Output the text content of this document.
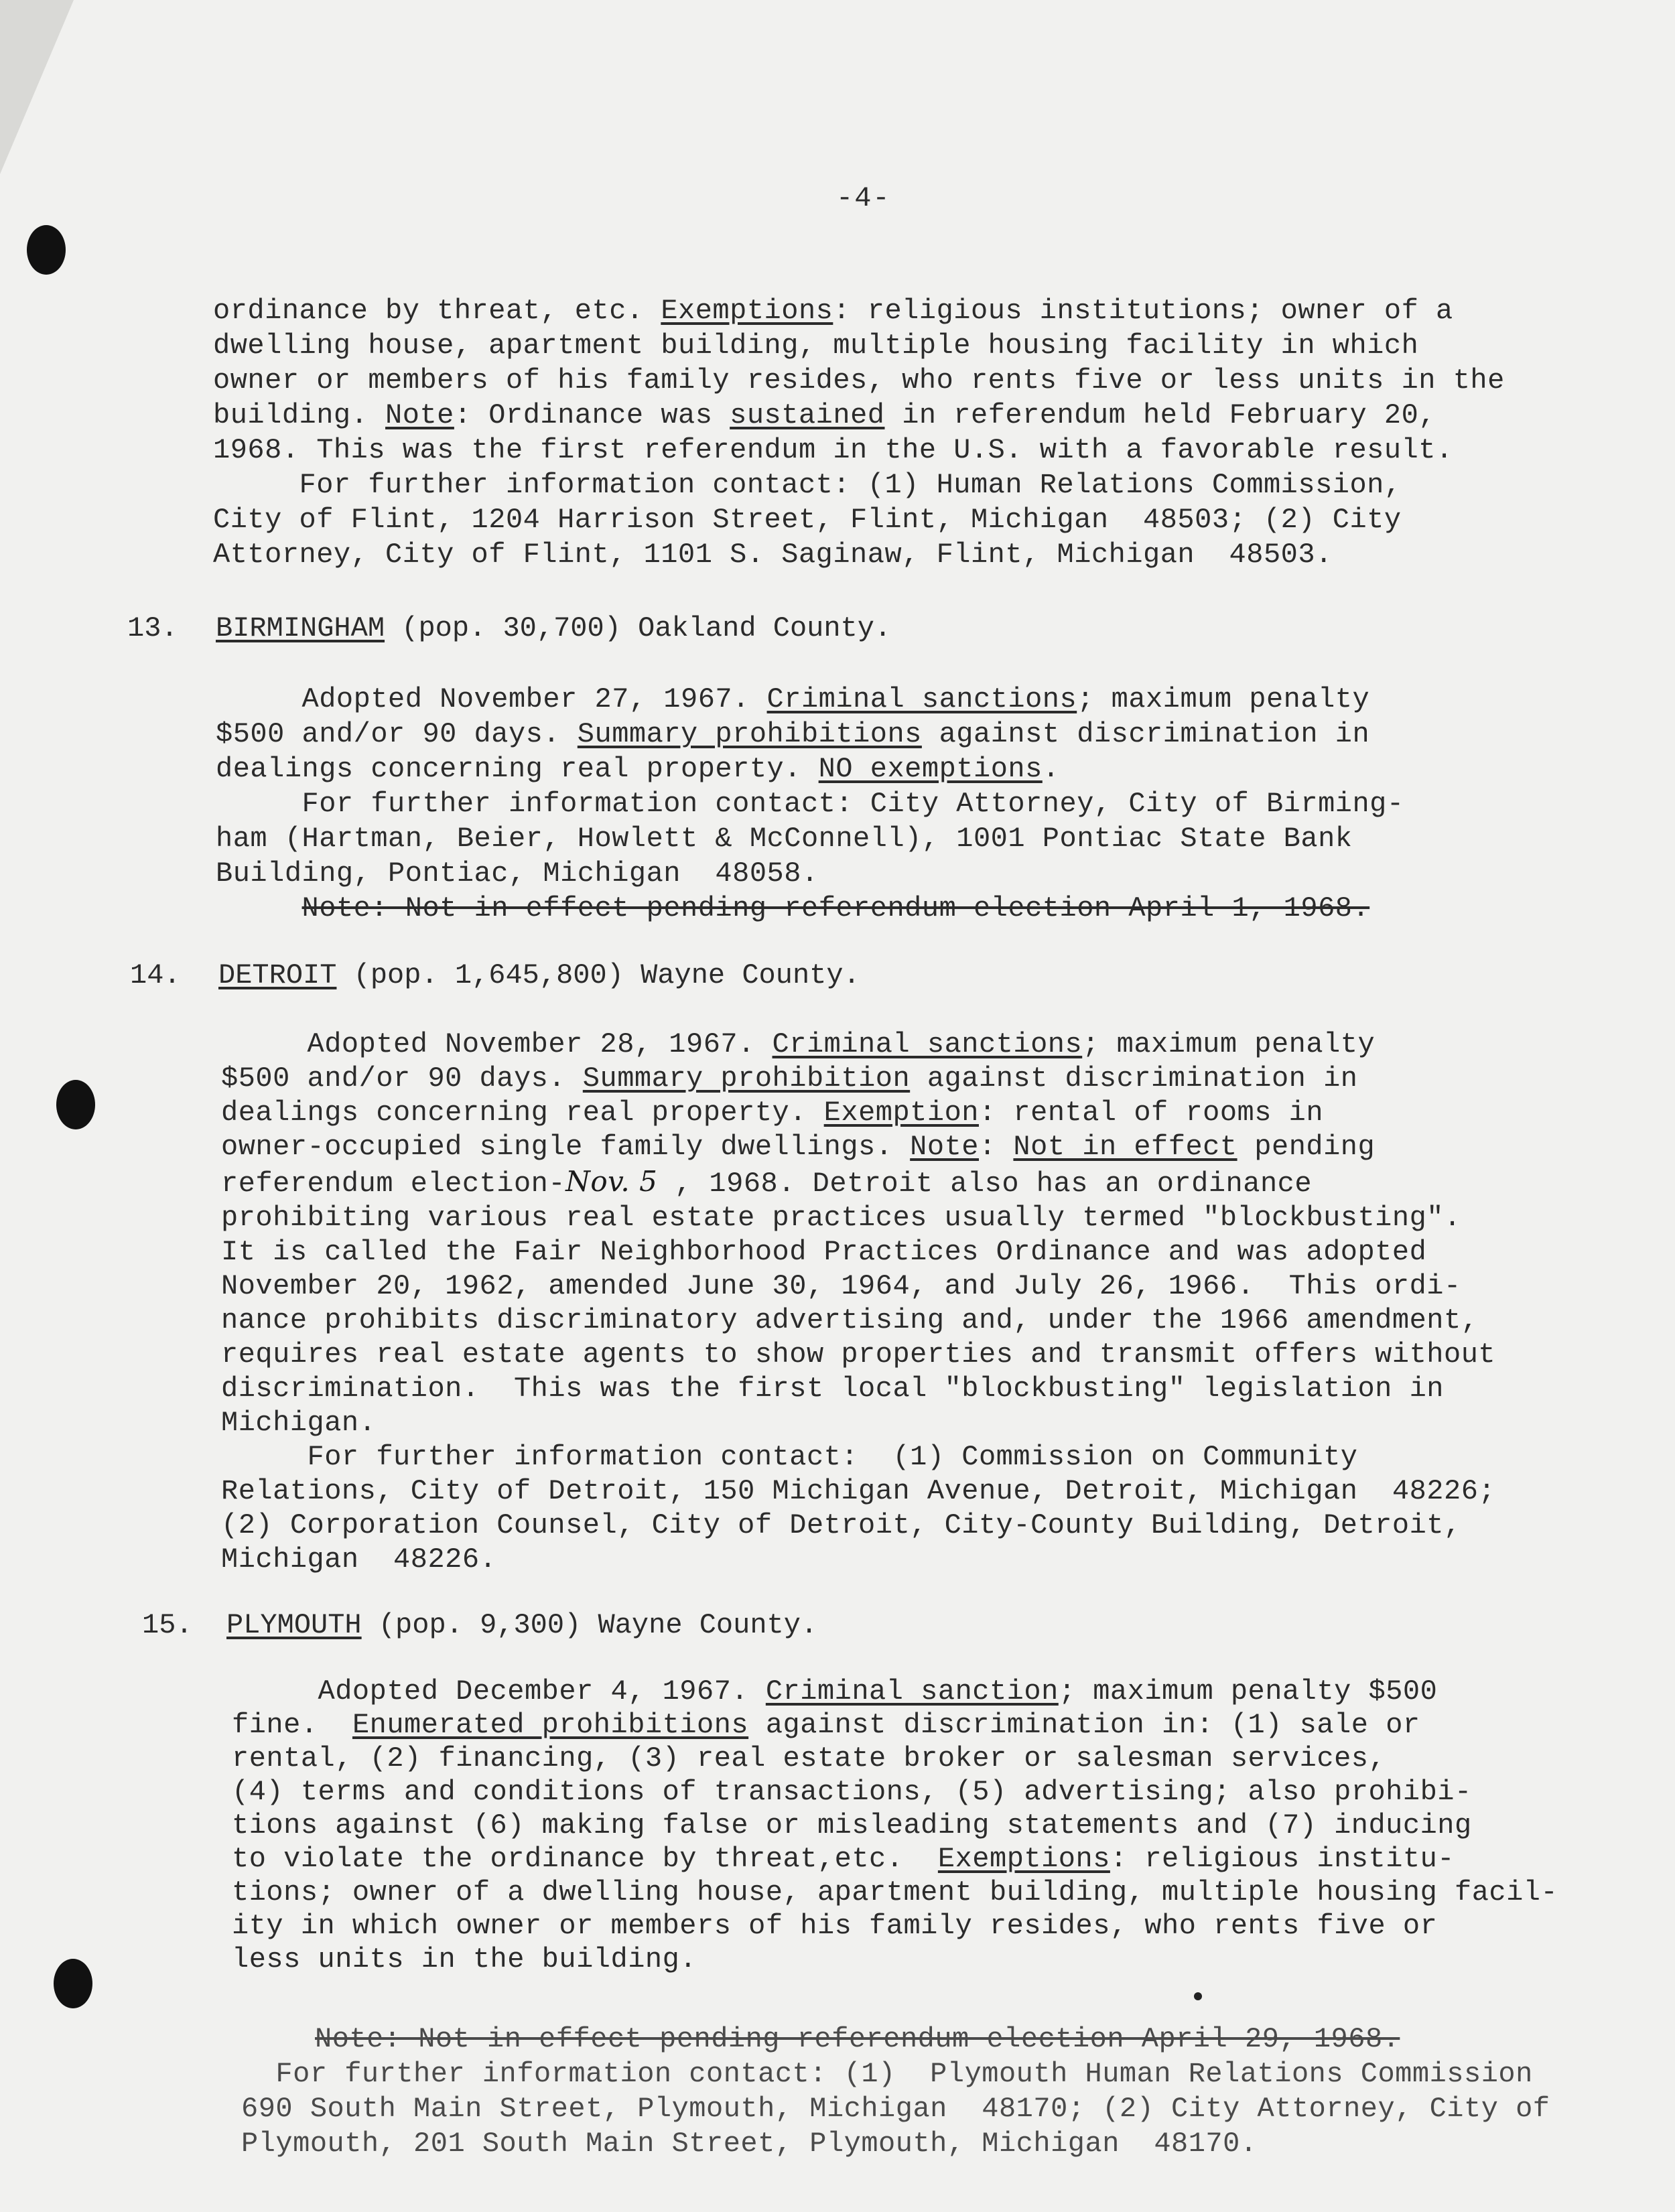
-4-
ordinance by threat, etc. Exemptions: religious institutions; owner of a
dwelling house, apartment building, multiple housing facility in which
owner or members of his family resides, who rents five or less units in the
building. Note: Ordinance was sustained in referendum held February 20,
1968. This was the first referendum in the U.S. with a favorable result.
For further information contact: (1) Human Relations Commission,
City of Flint, 1204 Harrison Street, Flint, Michigan  48503; (2) City
Attorney, City of Flint, 1101 S. Saginaw, Flint, Michigan  48503.
13. BIRMINGHAM (pop. 30,700) Oakland County.
Adopted November 27, 1967. Criminal sanctions; maximum penalty
$500 and/or 90 days. Summary prohibitions against discrimination in
dealings concerning real property. NO exemptions.
For further information contact: City Attorney, City of Birming-
ham (Hartman, Beier, Howlett & McConnell), 1001 Pontiac State Bank
Building, Pontiac, Michigan  48058.
Note: Not in effect pending referendum election April 1, 1968.
14. DETROIT (pop. 1,645,800) Wayne County.
Adopted November 28, 1967. Criminal sanctions; maximum penalty
$500 and/or 90 days. Summary prohibition against discrimination in
dealings concerning real property. Exemption: rental of rooms in
owner-occupied single family dwellings. Note: Not in effect pending
referendum election-Nov. 5 , 1968. Detroit also has an ordinance
prohibiting various real estate practices usually termed "blockbusting".
It is called the Fair Neighborhood Practices Ordinance and was adopted
November 20, 1962, amended June 30, 1964, and July 26, 1966.  This ordi-
nance prohibits discriminatory advertising and, under the 1966 amendment,
requires real estate agents to show properties and transmit offers without
discrimination.  This was the first local "blockbusting" legislation in
Michigan.
For further information contact:  (1) Commission on Community
Relations, City of Detroit, 150 Michigan Avenue, Detroit, Michigan  48226;
(2) Corporation Counsel, City of Detroit, City-County Building, Detroit,
Michigan  48226.
15. PLYMOUTH (pop. 9,300) Wayne County.
Adopted December 4, 1967. Criminal sanction; maximum penalty $500
fine.  Enumerated prohibitions against discrimination in: (1) sale or
rental, (2) financing, (3) real estate broker or salesman services,
(4) terms and conditions of transactions, (5) advertising; also prohibi-
tions against (6) making false or misleading statements and (7) inducing
to violate the ordinance by threat,etc.  Exemptions: religious institu-
tions; owner of a dwelling house, apartment building, multiple housing facil-
ity in which owner or members of his family resides, who rents five or
less units in the building.
Note: Not in effect pending referendum election April 29, 1968.
For further information contact: (1)  Plymouth Human Relations Commission
690 South Main Street, Plymouth, Michigan  48170; (2) City Attorney, City of
Plymouth, 201 South Main Street, Plymouth, Michigan  48170.
